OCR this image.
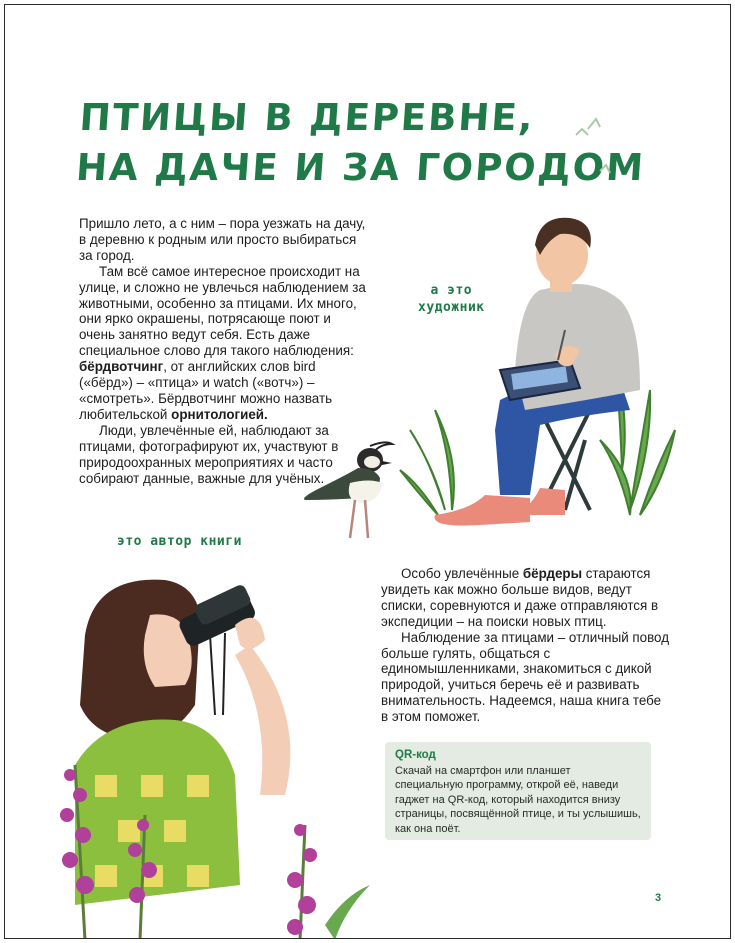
ПТИЦЫ В ДЕРЕВНЕ,
НА ДАЧЕ И ЗА ГОРОДОМ

Пришло лето, а с ним – пора уезжать на дачу, в деревню к родным или просто выбираться за город.

Там всё самое интересное происходит на улице, и сложно не увлечься наблюдением за животными, особенно за птицами. Их много, они ярко окрашены, потрясающе поют и очень занятно ведут себя. Есть даже специальное слово для такого наблюдения: бёрдвотчинг, от английских слов bird («бёрд») – «птица» и watch («вотч») – «смотреть». Бёрдвотчинг можно назвать любительской орнитологией.

Люди, увлечённые ей, наблюдают за птицами, фотографируют их, участвуют в природоохранных мероприятиях и часто собирают данные, важные для учёных.

а это
художник
это автор книги

Особо увлечённые бёрдеры стараются увидеть как можно больше видов, ведут списки, соревнуются и даже отправляются в экспедиции – на поиски новых птиц.

Наблюдение за птицами – отличный повод больше гулять, общаться с единомышленниками, знакомиться с дикой природой, учиться беречь её и развивать внимательность. Надеемся, наша книга тебе в этом поможет.

QR-код

Скачай на смартфон или планшет специальную программу, открой её, наведи гаджет на QR-код, который находится внизу страницы, посвящённой птице, и ты услышишь, как она поёт.

3
